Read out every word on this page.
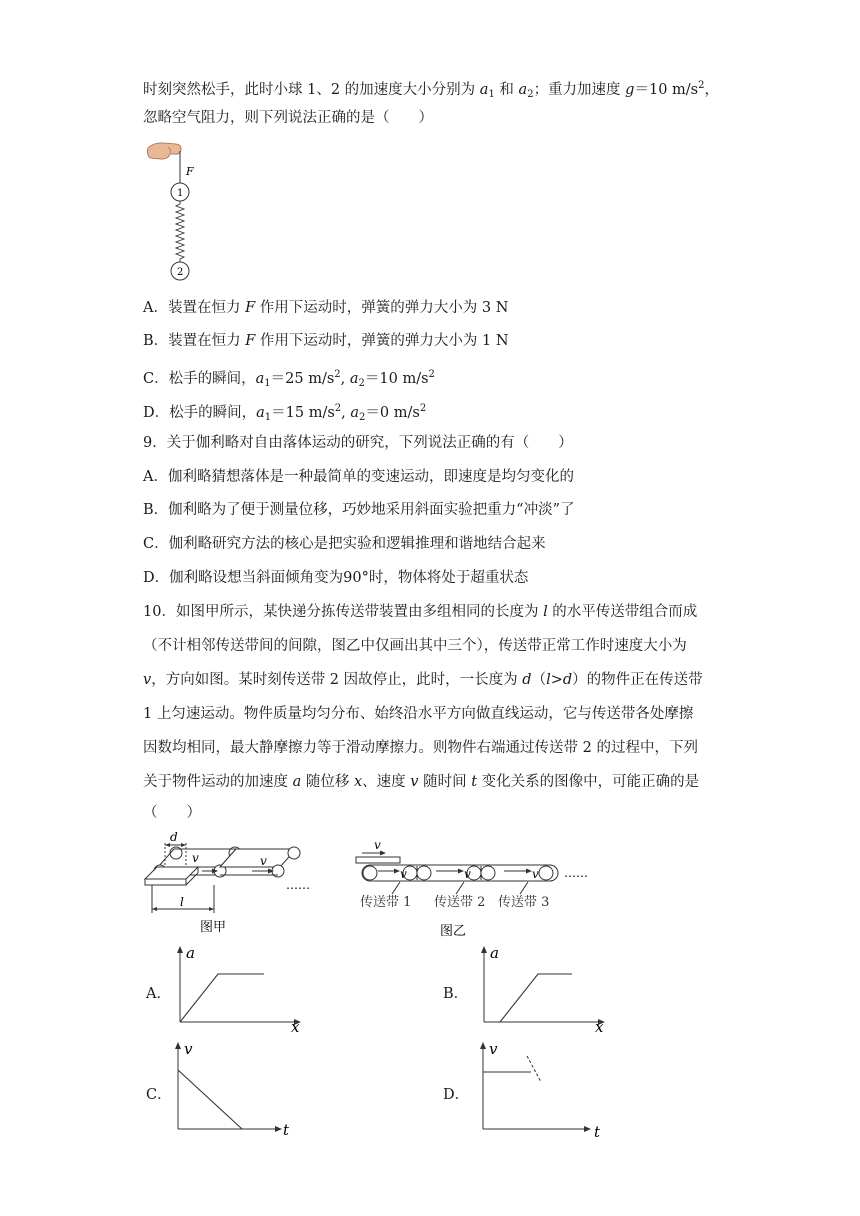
时刻突然松手，此时小球 1、2 的加速度大小分别为 $a_1$ 和 $a_2$；重力加速度 g＝10 $m/s^2$，
忽略空气阻力，则下列说法正确的是（　　）
F
1
2
A．装置在恒力 F 作用下运动时，弹簧的弹力大小为 3 N
B．装置在恒力 F 作用下运动时，弹簧的弹力大小为 1 N
C．松手的瞬间，$a_1=25$ $m/s^2$, $a_2=10$ $m/s^2$
D．松手的瞬间，$a_1=15$ $m/s^2$, $a_2=0$ $m/s^2$
9．关于伽利略对自由落体运动的研究，下列说法正确的有（　　）
A．伽利略猜想落体是一种最简单的变速运动，即速度是均匀变化的
B．伽利略为了便于测量位移，巧妙地采用斜面实验把重力“冲淡”了
C．伽利略研究方法的核心是把实验和逻辑推理和谐地结合起来
D．伽利略设想当斜面倾角变为90°时，物体将处于超重状态
10．如图甲所示，某快递分拣传送带装置由多组相同的长度为 l 的水平传送带组合而成
（不计相邻传送带间的间隙，图乙中仅画出其中三个），传送带正常工作时速度大小为
v，方向如图。某时刻传送带 2 因故停止，此时，一长度为 d（l>d）的物件正在传送带
1 上匀速运动。物件质量均匀分布、始终沿水平方向做直线运动，它与传送带各处摩擦
因数均相同，最大静摩擦力等于滑动摩擦力。则物件右端通过传送带 2 的过程中，下列
关于物件运动的加速度 a 随位移 x、速度 v 随时间 t 变化关系的图像中，可能正确的是
（　　）
d
v	v
l
……
图甲
v
v	v	v ……
传送带 1 传送带 2 传送带 3
图乙
A．
a
x
B．
a
x
C．
v
t
D．
v
t
